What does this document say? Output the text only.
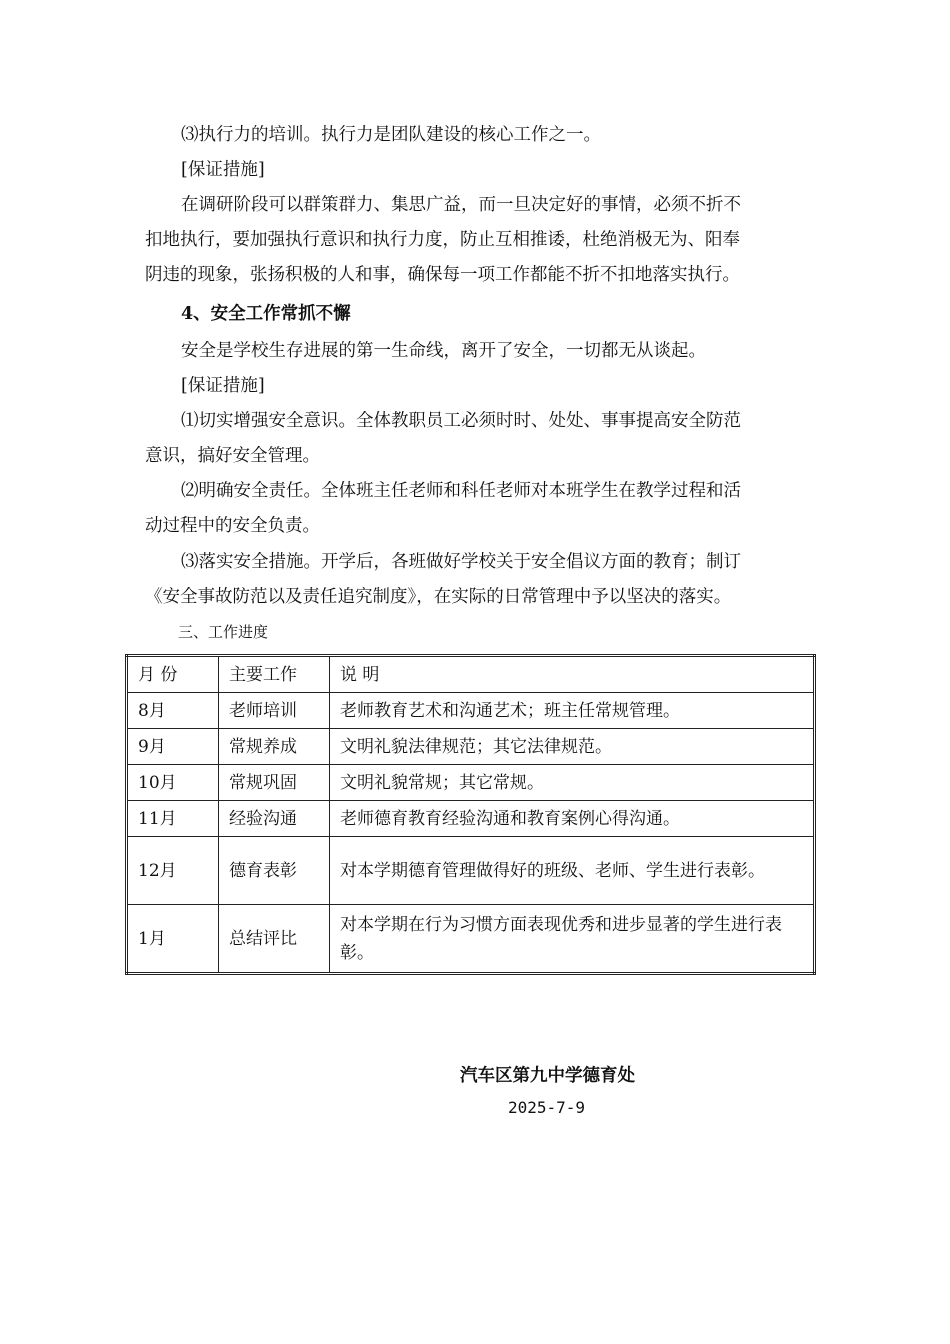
⑶执行力的培训。执行力是团队建设的核心工作之一。
[保证措施]
在调研阶段可以群策群力、集思广益，而一旦决定好的事情，必须不折不
扣地执行，要加强执行意识和执行力度，防止互相推诿，杜绝消极无为、阳奉
阴违的现象，张扬积极的人和事，确保每一项工作都能不折不扣地落实执行。
4、安全工作常抓不懈
安全是学校生存进展的第一生命线，离开了安全，一切都无从谈起。
[保证措施]
⑴切实增强安全意识。全体教职员工必须时时、处处、事事提高安全防范
意识，搞好安全管理。
⑵明确安全责任。全体班主任老师和科任老师对本班学生在教学过程和活
动过程中的安全负责。
⑶落实安全措施。开学后，各班做好学校关于安全倡议方面的教育；制订
《安全事故防范以及责任追究制度》，在实际的日常管理中予以坚决的落实。
三、工作进度
月 份	主要工作	说 明
8月	老师培训	老师教育艺术和沟通艺术；班主任常规管理。
9月	常规养成	文明礼貌法律规范；其它法律规范。
10月	常规巩固	文明礼貌常规；其它常规。
11月	经验沟通	老师德育教育经验沟通和教育案例心得沟通。
12月	德育表彰	对本学期德育管理做得好的班级、老师、学生进行表彰。
1月	总结评比	对本学期在行为习惯方面表现优秀和进步显著的学生进行表彰。
汽车区第九中学德育处
2025-7-9
